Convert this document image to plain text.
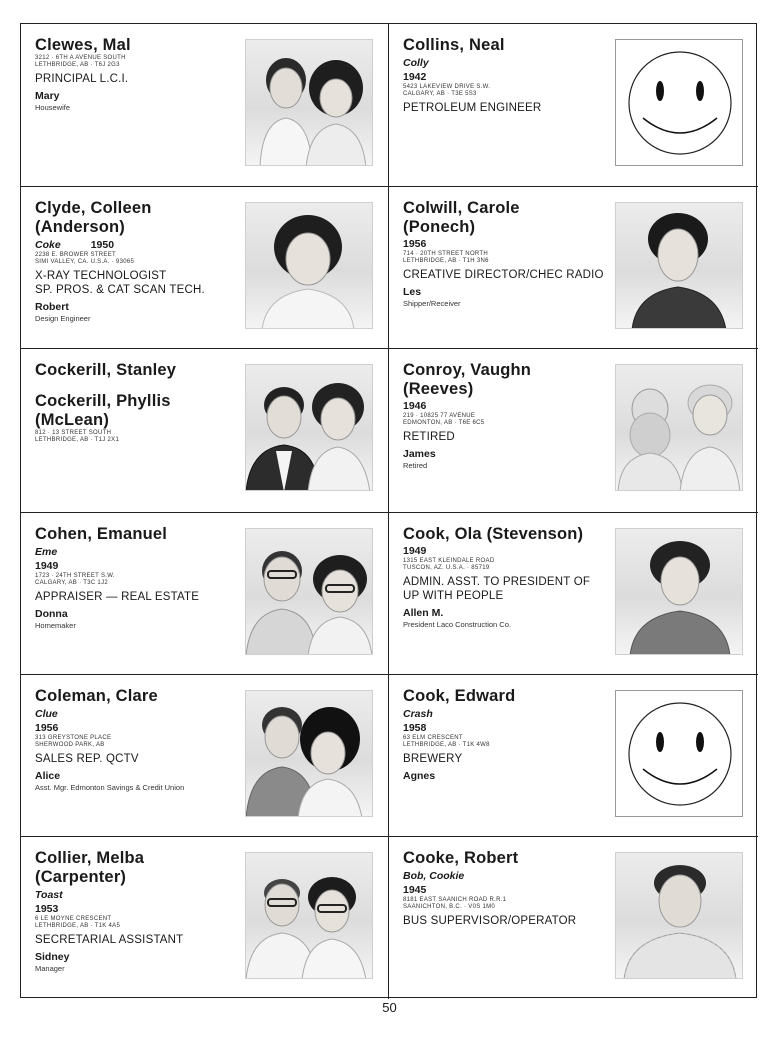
Clewes, Mal
3212 · 6TH A AVENUE SOUTH
LETHBRIDGE, AB · T6J 2G3
PRINCIPAL L.C.I.
Mary
Housewife
Collins, Neal
Colly
1942
5423 LAKEVIEW DRIVE S.W.
CALGARY, AB · T3E 5S3
PETROLEUM ENGINEER
Clyde, Colleen
(Anderson)
Coke	1950
2238 E. BROWER STREET
SIMI VALLEY, CA. U.S.A. · 93065
X-RAY TECHNOLOGIST
SP. PROS. & CAT SCAN TECH.
Robert
Design Engineer
Colwill, Carole
(Ponech)
1956
714 · 20TH STREET NORTH
LETHBRIDGE, AB · T1H 3N6
CREATIVE DIRECTOR/CHEC RADIO
Les
Shipper/Receiver
Cockerill, Stanley
Cockerill, Phyllis
(McLean)
812 · 13 STREET SOUTH
LETHBRIDGE, AB · T1J 2X1
Conroy, Vaughn
(Reeves)
1946
219 · 10825 77 AVENUE
EDMONTON, AB · T6E 6C5
RETIRED
James
Retired
Cohen, Emanuel
Eme
1949
1723 · 24TH STREET S.W.
CALGARY, AB · T3C 1J2
APPRAISER — REAL ESTATE
Donna
Homemaker
Cook, Ola (Stevenson)
1949
1315 EAST KLEINDALE ROAD
TUSCON, AZ. U.S.A. · 85719
ADMIN. ASST. TO PRESIDENT OF
UP WITH PEOPLE
Allen M.
President Laco Construction Co.
Coleman, Clare
Clue
1956
313 GREYSTONE PLACE
SHERWOOD PARK, AB
SALES REP. QCTV
Alice
Asst. Mgr. Edmonton Savings & Credit Union
Cook, Edward
Crash
1958
63 ELM CRESCENT
LETHBRIDGE, AB · T1K 4W8
BREWERY
Agnes
Collier, Melba
(Carpenter)
Toast
1953
6 LE MOYNE CRESCENT
LETHBRIDGE, AB · T1K 4A5
SECRETARIAL ASSISTANT
Sidney
Manager
Cooke, Robert
Bob, Cookie
1945
8181 EAST SAANICH ROAD R.R.1
SAANICHTON, B.C. · V0S 1M0
BUS SUPERVISOR/OPERATOR
50
